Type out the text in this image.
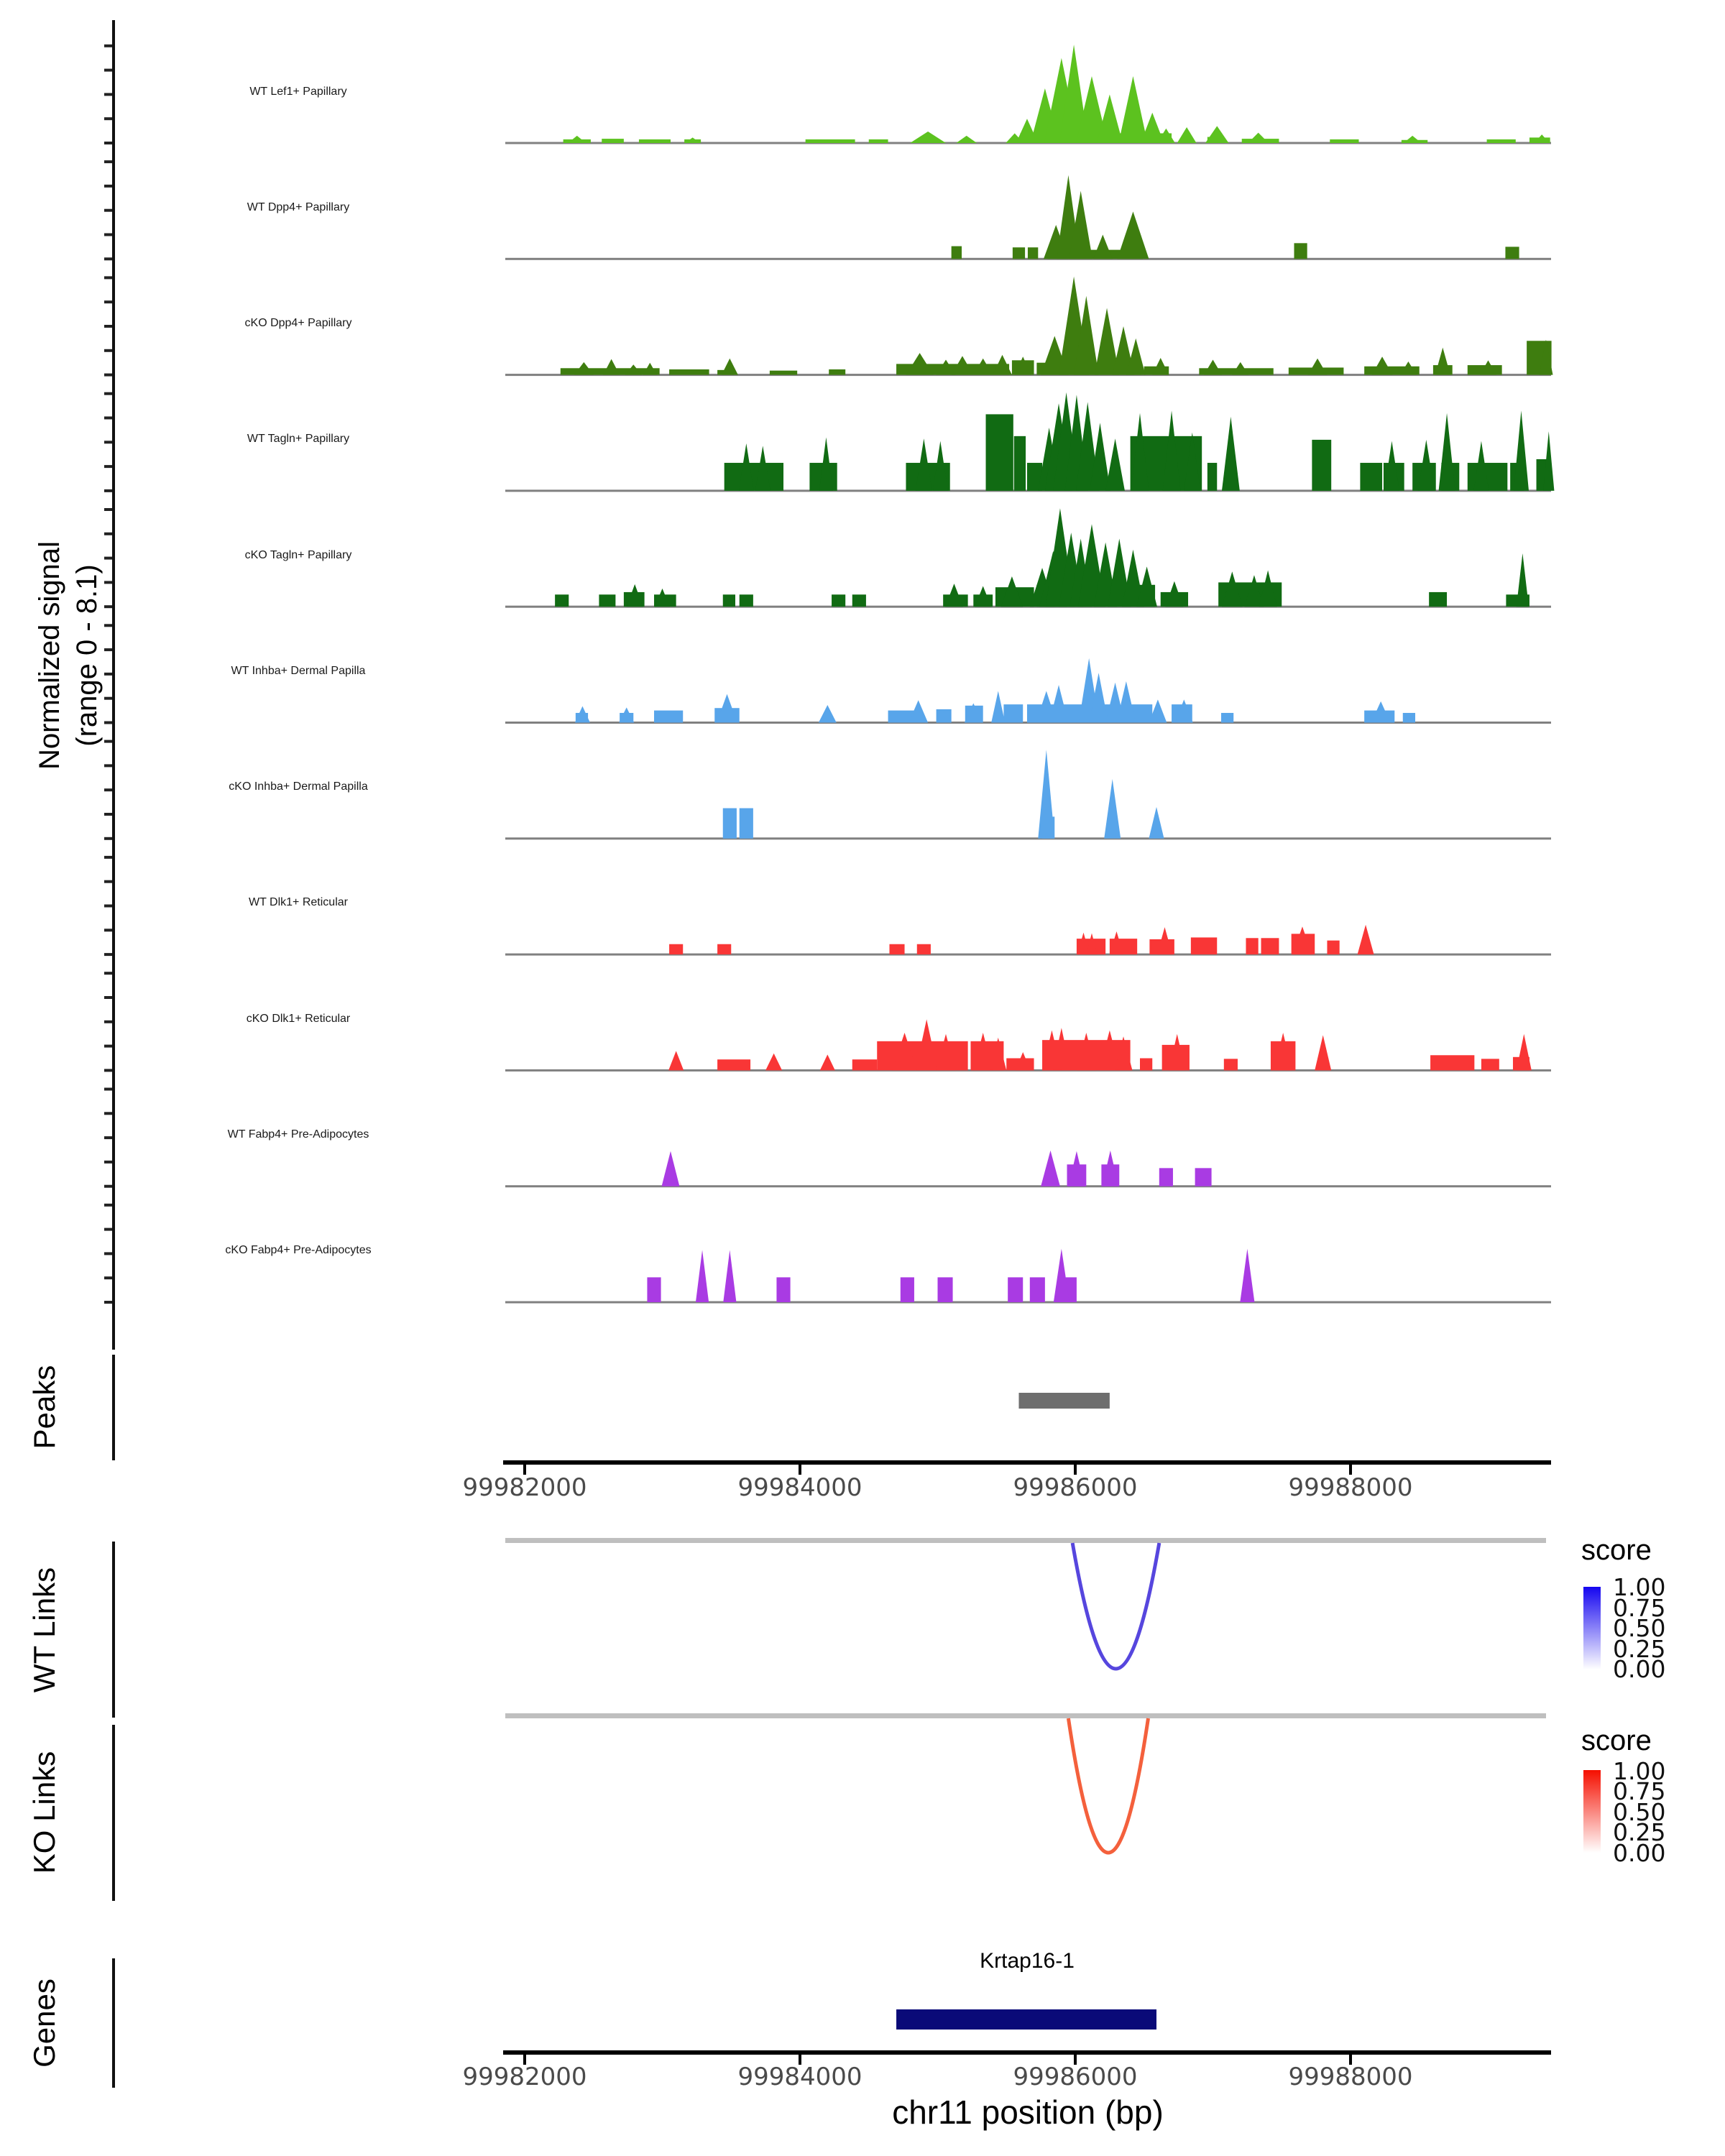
Normalized signal (range 0 - 8.1)
WT Lef1+ Papillary
WT Dpp4+ Papillary
cKO Dpp4+ Papillary
WT Tagln+ Papillary
cKO Tagln+ Papillary
WT Inhba+ Dermal Papilla
cKO Inhba+ Dermal Papilla
WT Dlk1+ Reticular
cKO Dlk1+ Reticular
WT Fabp4+ Pre-Adipocytes
cKO Fabp4+ Pre-Adipocytes
Peaks
WT Links
KO Links
Genes
99982000	99984000	99986000	99988000
score
1.00
0.75
0.50
0.25
0.00
score
1.00
0.75
0.50
0.25
0.00
Krtap16-1
99982000	99984000	99986000	99988000
chr11 position (bp)
